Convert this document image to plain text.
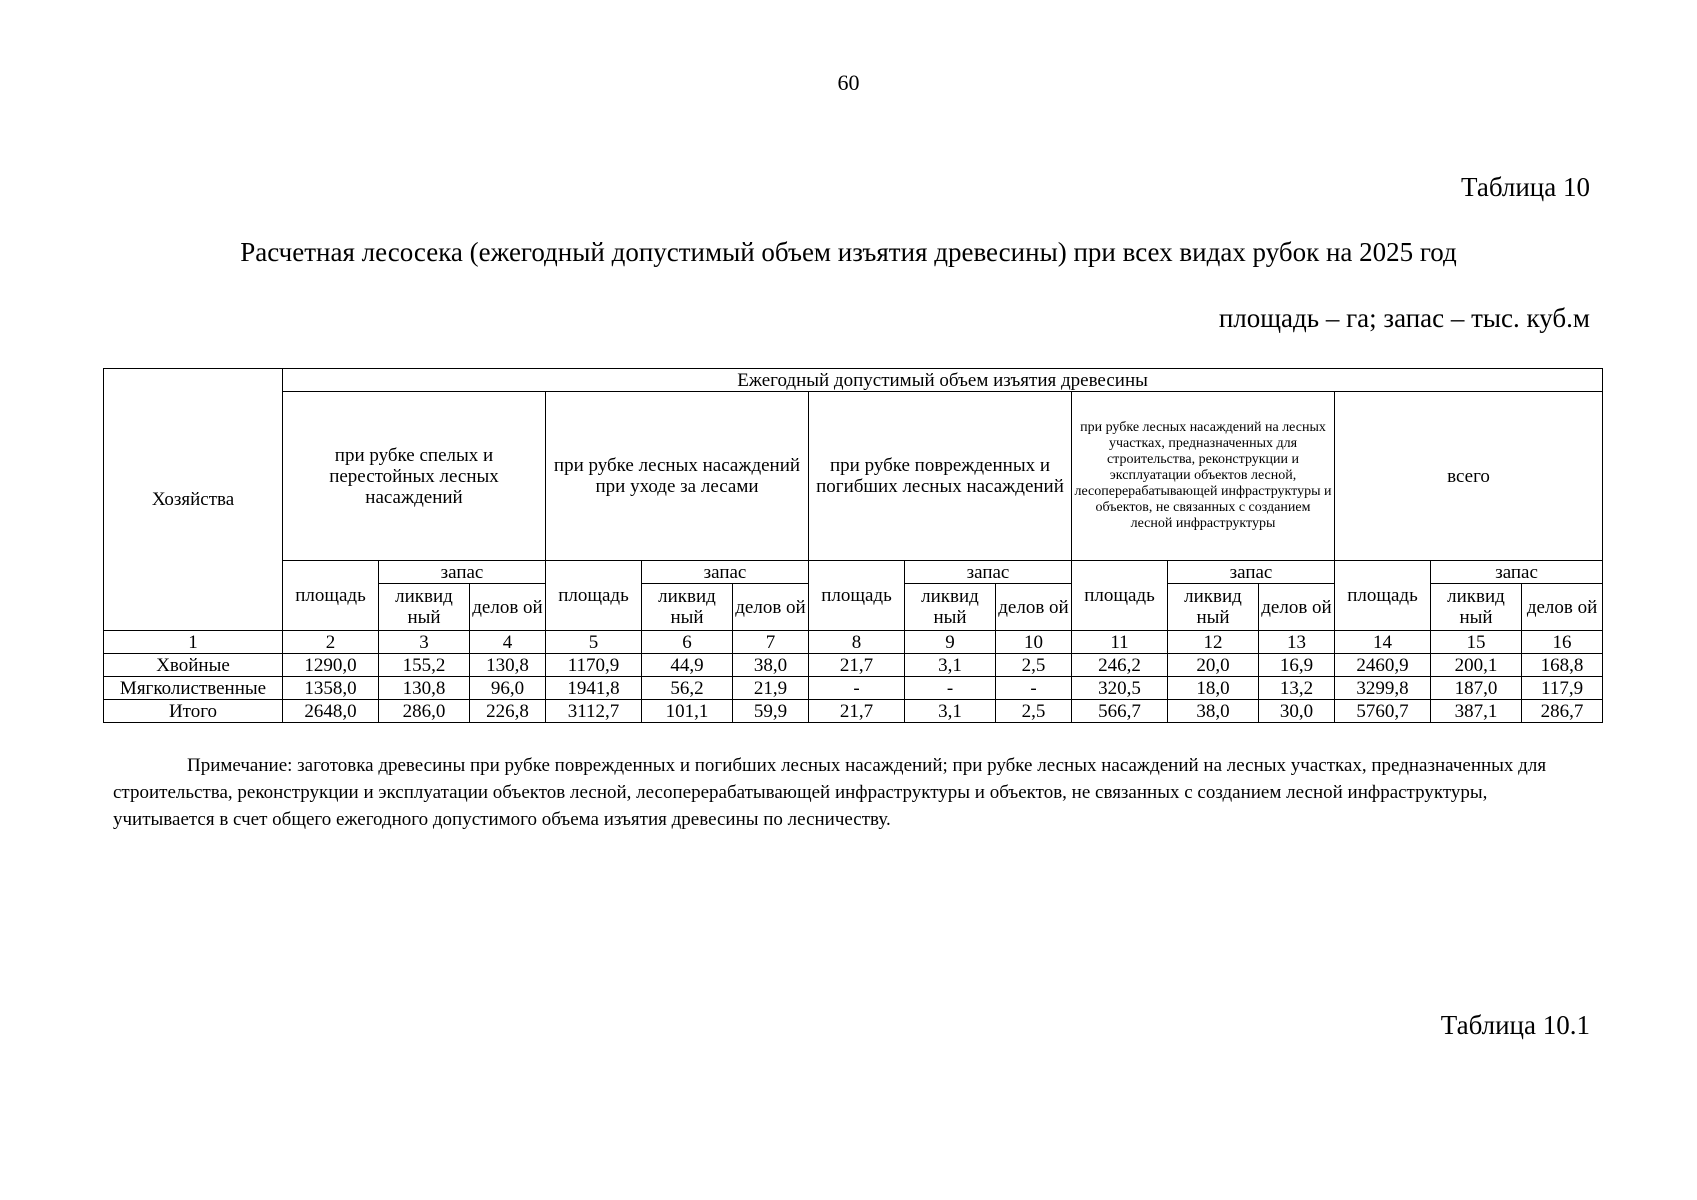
60
Таблица 10
Расчетная лесосека (ежегодный допустимый объем изъятия древесины) при всех видах рубок на 2025 год
площадь – га; запас – тыс. куб.м
Хозяйства	Ежегодный допустимый объем изъятия древесины														
	при рубке спелых и перестойных лесных насаждений			при рубке лесных насаждений при уходе за лесами			при рубке поврежденных и погибших лесных насаждений			при рубке лесных насаждений на лесных участках, предназначенных для строительства, реконструкции и эксплуатации объектов лесной, лесоперерабатывающей инфраструктуры и объектов, не связанных с созданием лесной инфраструктуры			всего		
	площадь	запас		площадь	запас		площадь	запас		площадь	запас		площадь	запас	
		ликвид ный	делов ой		ликвид ный	делов ой		ликвид ный	делов ой		ликвид ный	делов ой		ликвид ный	делов ой
1	2	3	4	5	6	7	8	9	10	11	12	13	14	15	16
Хвойные	1290,0	155,2	130,8	1170,9	44,9	38,0	21,7	3,1	2,5	246,2	20,0	16,9	2460,9	200,1	168,8
Мягколиственные	1358,0	130,8	96,0	1941,8	56,2	21,9	-	-	-	320,5	18,0	13,2	3299,8	187,0	117,9
Итого	2648,0	286,0	226,8	3112,7	101,1	59,9	21,7	3,1	2,5	566,7	38,0	30,0	5760,7	387,1	286,7
Примечание: заготовка древесины при рубке поврежденных и погибших лесных насаждений; при рубке лесных насаждений на лесных участках, предназначенных для строительства, реконструкции и эксплуатации объектов лесной, лесоперерабатывающей инфраструктуры и объектов, не связанных с созданием лесной инфраструктуры, учитывается в счет общего ежегодного допустимого объема изъятия древесины по лесничеству.
Таблица 10.1
